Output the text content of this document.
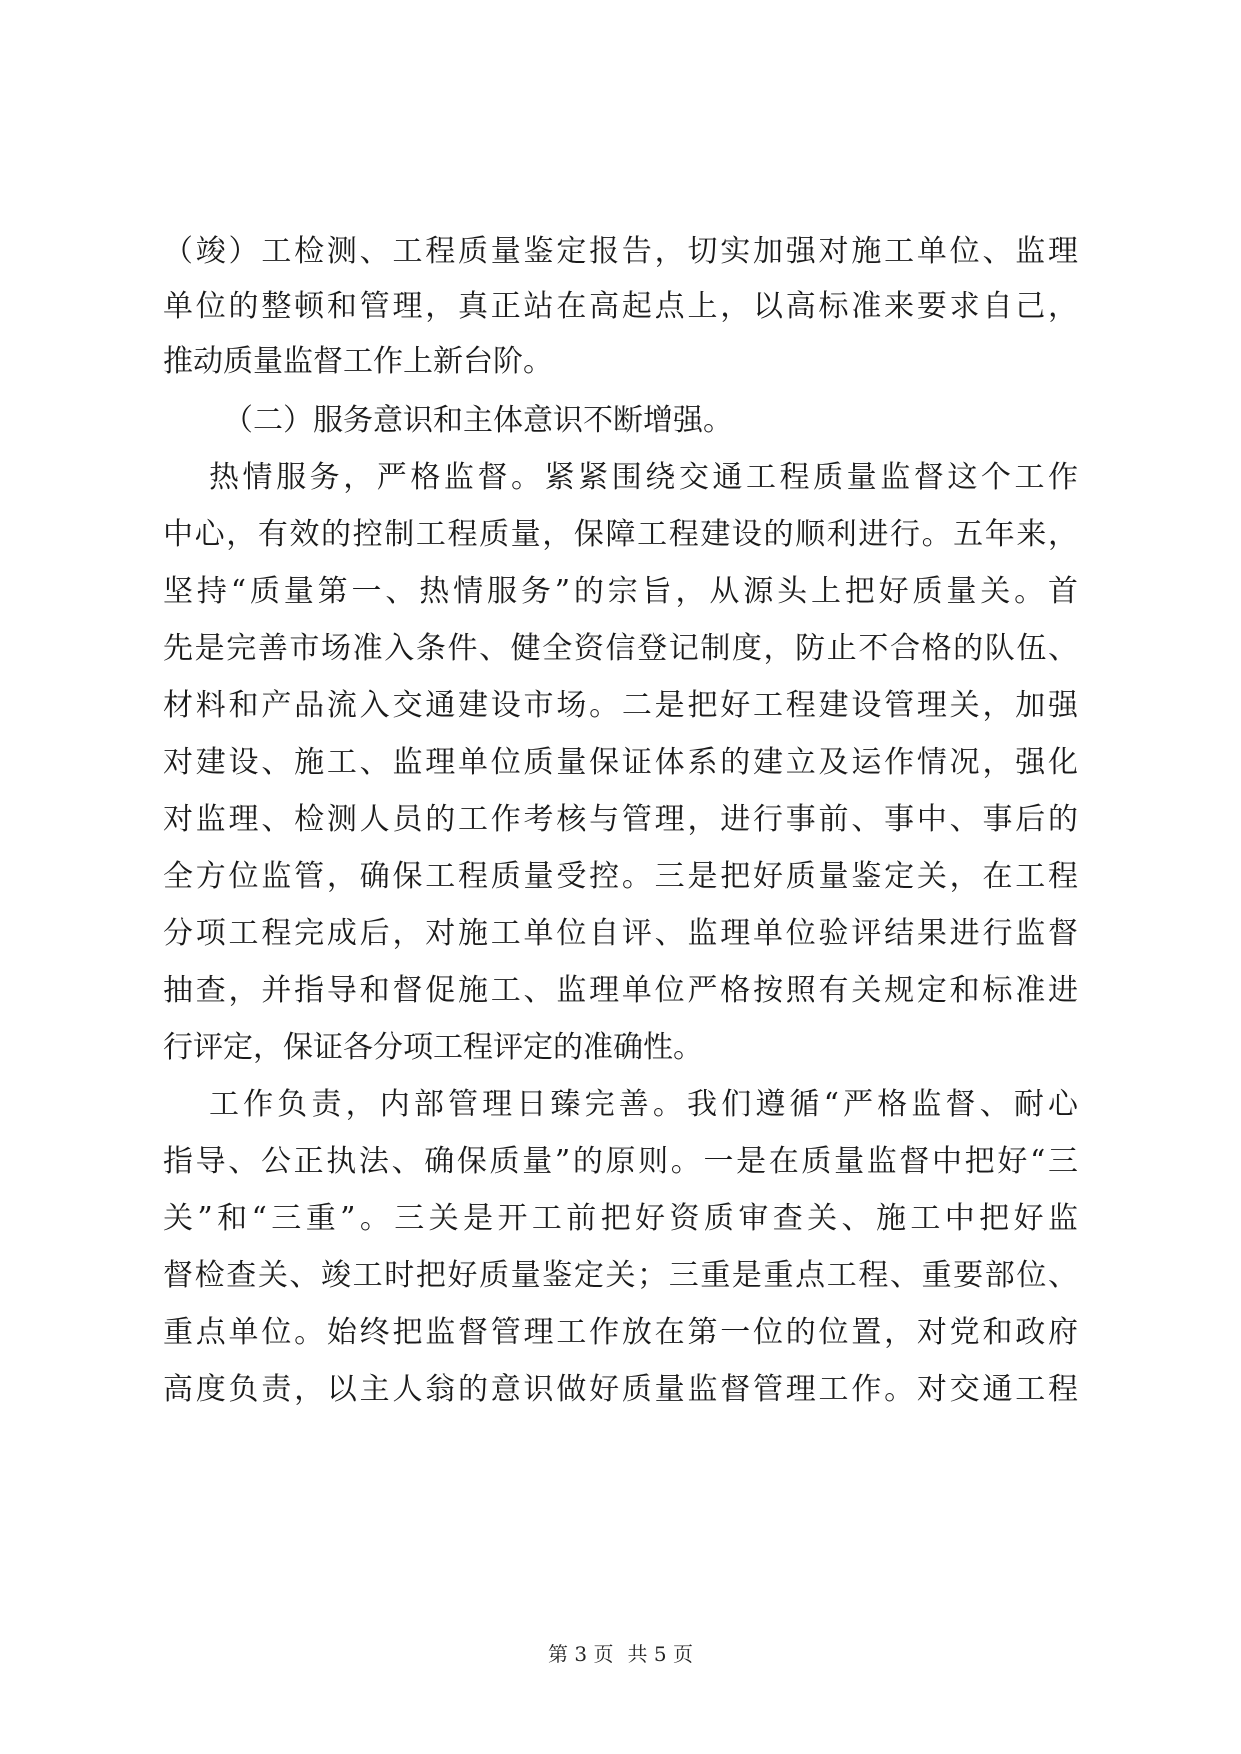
（竣）工检测、工程质量鉴定报告，切实加强对施工单位、监理
单位的整顿和管理，真正站在高起点上，以高标准来要求自己，
推动质量监督工作上新台阶。
（二）服务意识和主体意识不断增强。
热情服务，严格监督。紧紧围绕交通工程质量监督这个工作
中心，有效的控制工程质量，保障工程建设的顺利进行。五年来，
坚持“质量第一、热情服务”的宗旨，从源头上把好质量关。首
先是完善市场准入条件、健全资信登记制度，防止不合格的队伍、
材料和产品流入交通建设市场。二是把好工程建设管理关，加强
对建设、施工、监理单位质量保证体系的建立及运作情况，强化
对监理、检测人员的工作考核与管理，进行事前、事中、事后的
全方位监管，确保工程质量受控。三是把好质量鉴定关，在工程
分项工程完成后，对施工单位自评、监理单位验评结果进行监督
抽查，并指导和督促施工、监理单位严格按照有关规定和标准进
行评定，保证各分项工程评定的准确性。
工作负责，内部管理日臻完善。我们遵循“严格监督、耐心
指导、公正执法、确保质量”的原则。一是在质量监督中把好“三
关”和“三重”。三关是开工前把好资质审查关、施工中把好监
督检查关、竣工时把好质量鉴定关；三重是重点工程、重要部位、
重点单位。始终把监督管理工作放在第一位的位置，对党和政府
高度负责，以主人翁的意识做好质量监督管理工作。对交通工程
第 3 页 共 5 页
